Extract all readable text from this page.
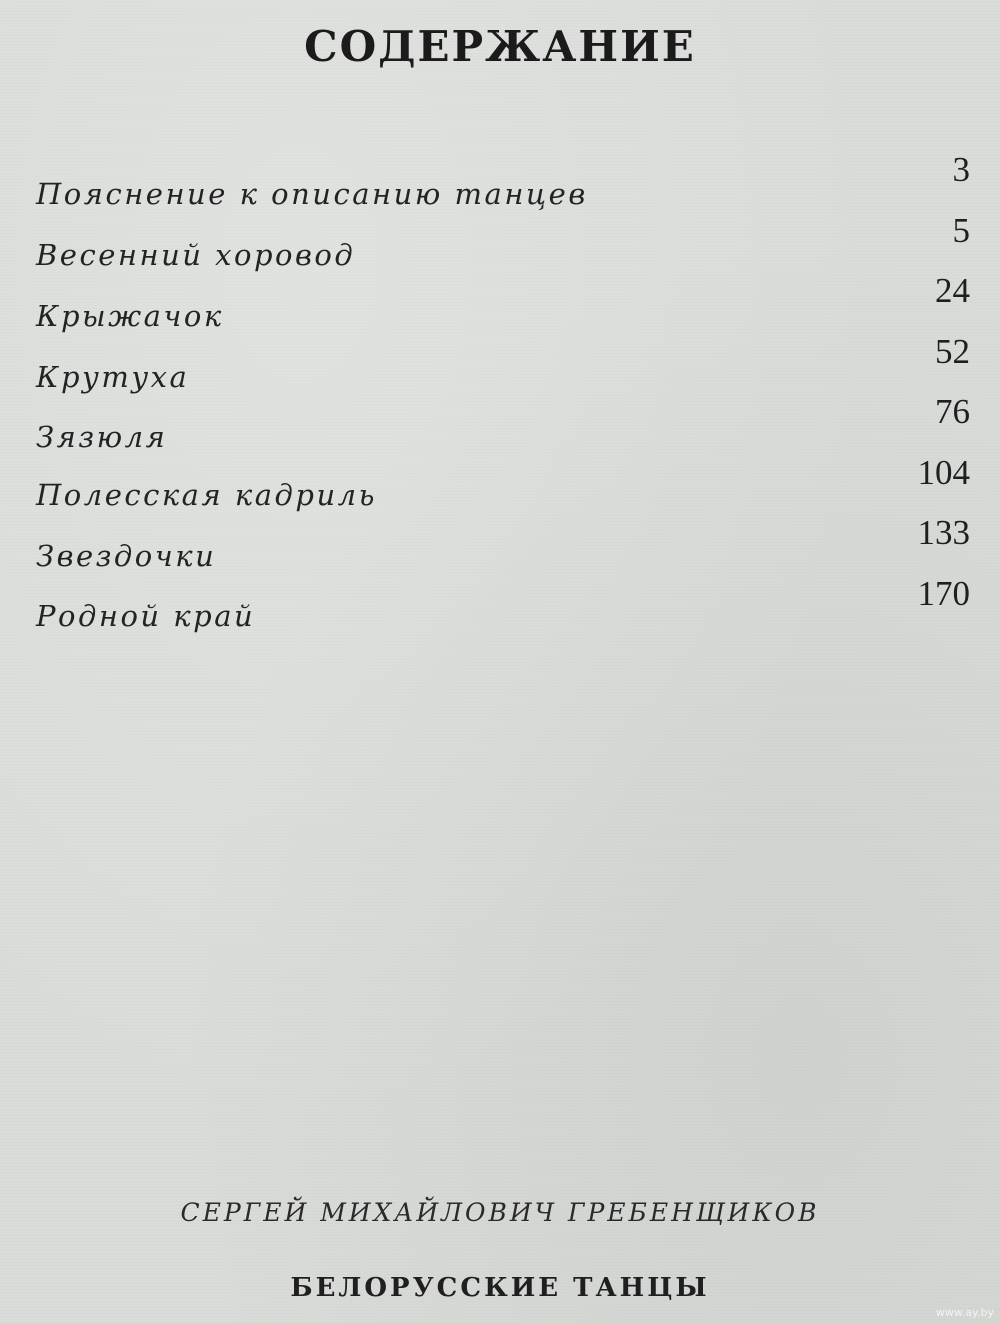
СОДЕРЖАНИЕ
Пояснение к описанию танцев
3
Весенний хоровод
5
Крыжачок
24
Крутуха
52
Зязюля
76
Полесская кадриль
104
Звездочки
133
Родной край
170
СЕРГЕЙ МИХАЙЛОВИЧ ГРЕБЕНЩИКОВ
БЕЛОРУССКИЕ ТАНЦЫ
www.ay.by
